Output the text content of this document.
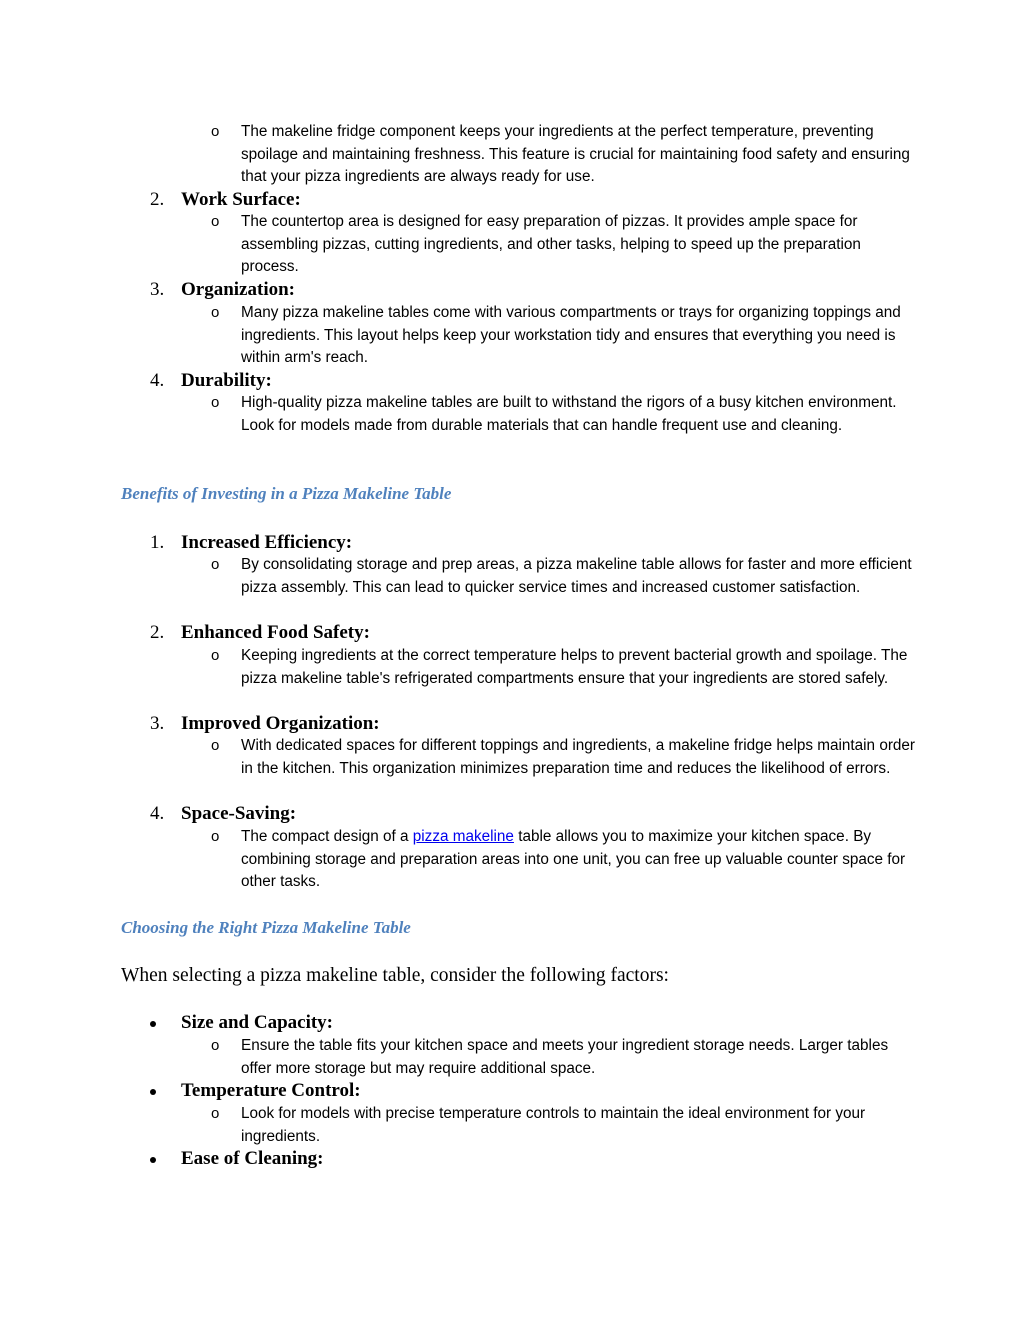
o The makeline fridge component keeps your ingredients at the perfect temperature, preventing spoilage and maintaining freshness. This feature is crucial for maintaining food safety and ensuring that your pizza ingredients are always ready for use.
2. Work Surface:
o The countertop area is designed for easy preparation of pizzas. It provides ample space for assembling pizzas, cutting ingredients, and other tasks, helping to speed up the preparation process.
3. Organization:
o Many pizza makeline tables come with various compartments or trays for organizing toppings and ingredients. This layout helps keep your workstation tidy and ensures that everything you need is within arm's reach.
4. Durability:
o High-quality pizza makeline tables are built to withstand the rigors of a busy kitchen environment. Look for models made from durable materials that can handle frequent use and cleaning.
Benefits of Investing in a Pizza Makeline Table
1. Increased Efficiency:
o By consolidating storage and prep areas, a pizza makeline table allows for faster and more efficient pizza assembly. This can lead to quicker service times and increased customer satisfaction.
2. Enhanced Food Safety:
o Keeping ingredients at the correct temperature helps to prevent bacterial growth and spoilage. The pizza makeline table's refrigerated compartments ensure that your ingredients are stored safely.
3. Improved Organization:
o With dedicated spaces for different toppings and ingredients, a makeline fridge helps maintain order in the kitchen. This organization minimizes preparation time and reduces the likelihood of errors.
4. Space-Saving:
o The compact design of a pizza makeline table allows you to maximize your kitchen space. By combining storage and preparation areas into one unit, you can free up valuable counter space for other tasks.
Choosing the Right Pizza Makeline Table
When selecting a pizza makeline table, consider the following factors:
Size and Capacity:
o Ensure the table fits your kitchen space and meets your ingredient storage needs. Larger tables offer more storage but may require additional space.
Temperature Control:
o Look for models with precise temperature controls to maintain the ideal environment for your ingredients.
Ease of Cleaning:
